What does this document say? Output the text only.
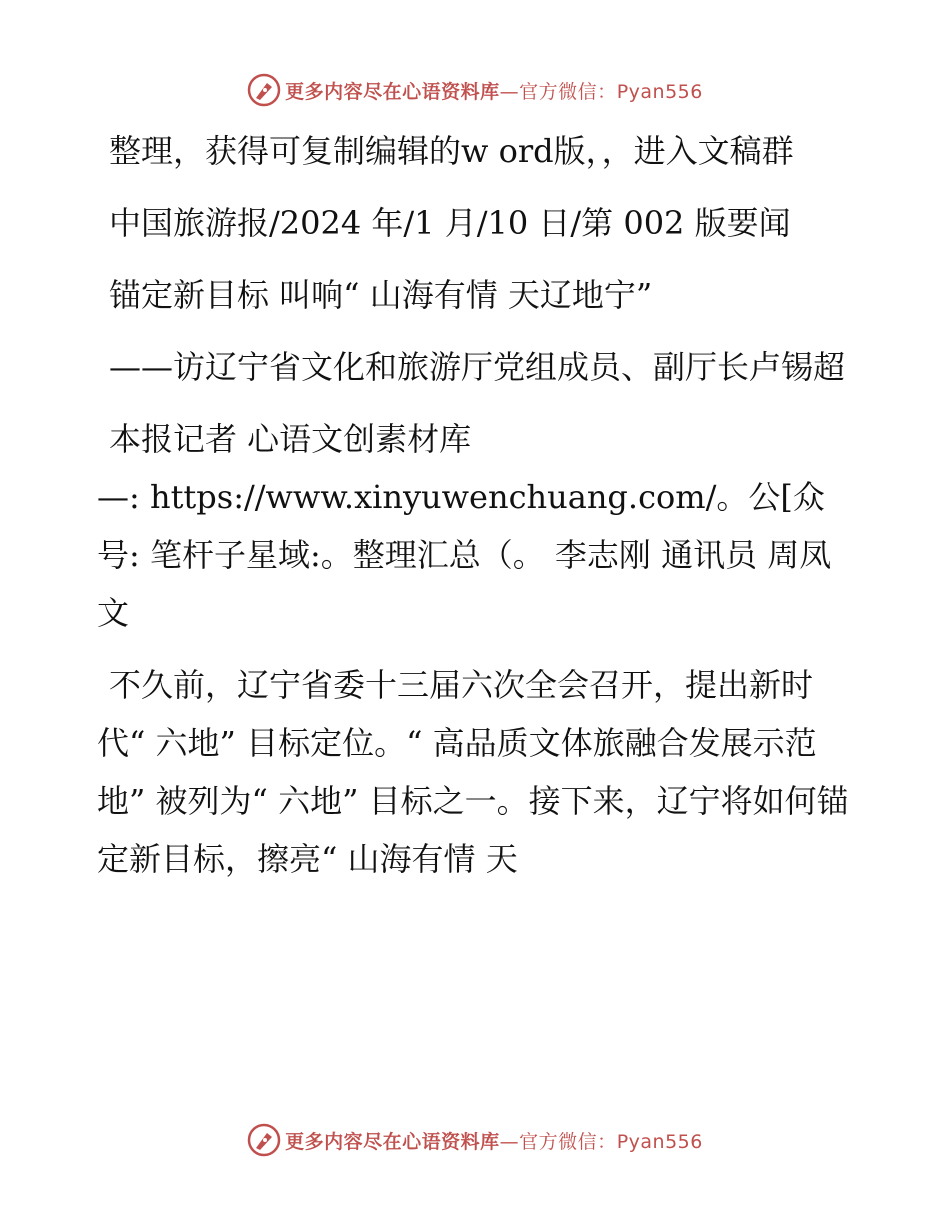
更多内容尽在心语资料库—官方微信：Pyan556

整理，获得可复制编辑的w ord版，，进入文稿群

中国旅游报/2024 年/1 月/10 日/第 002 版要闻

锚定新目标 叫响“ 山海有情 天辽地宁”

——访辽宁省文化和旅游厅党组成员、副厅长卢锡超

本报记者 心语文创素材库

—: https://www.xinyuwenchuang.com/。公[众号: 笔杆子星域:。整理汇总（。 李志刚 通讯员 周凤文

不久前，辽宁省委十三届六次全会召开，提出新时代“ 六地” 目标定位。“ 高品质文体旅融合发展示范地” 被列为“ 六地” 目标之一。接下来，辽宁将如何锚定新目标，擦亮“ 山海有情 天

更多内容尽在心语资料库—官方微信：Pyan556
